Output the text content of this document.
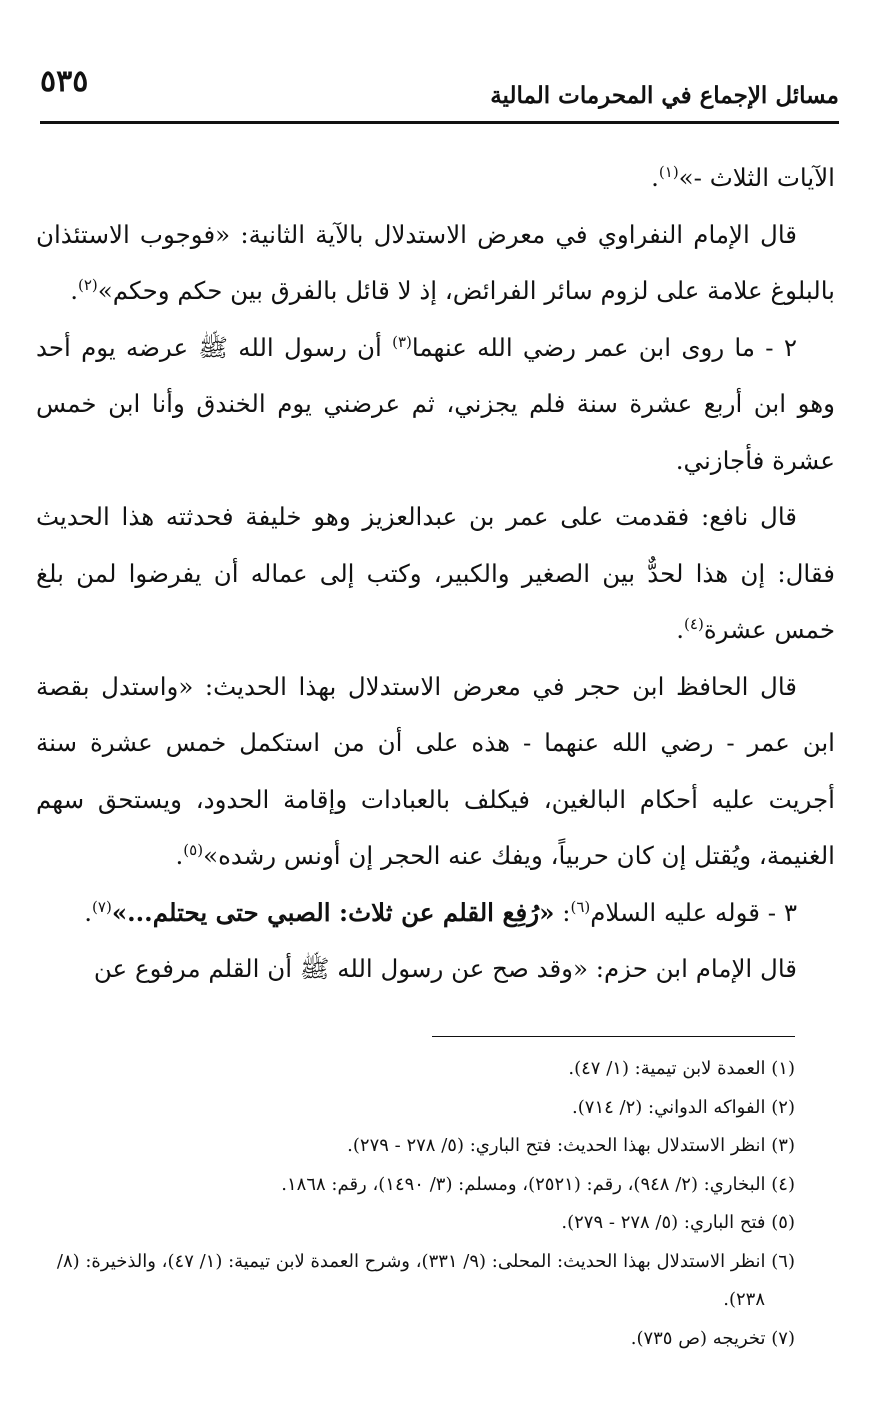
٥٣٥	مسائل الإجماع في المحرمات المالية

الآيات الثلاث -»$^{(١)}$.

قال الإمام النفراوي في معرض الاستدلال بالآية الثانية: «فوجوب الاستئذان بالبلوغ علامة على لزوم سائر الفرائض، إذ لا قائل بالفرق بين حكم وحكم»$^{(٢)}$.

٢ - ما روى ابن عمر رضي الله عنهما$^{(٣)}$ أن رسول الله ﷺ عرضه يوم أحد وهو ابن أربع عشرة سنة فلم يجزني، ثم عرضني يوم الخندق وأنا ابن خمس عشرة فأجازني.

قال نافع: فقدمت على عمر بن عبدالعزيز وهو خليفة فحدثته هذا الحديث فقال: إن هذا لحدٌّ بين الصغير والكبير، وكتب إلى عماله أن يفرضوا لمن بلغ خمس عشرة$^{(٤)}$.

قال الحافظ ابن حجر في معرض الاستدلال بهذا الحديث: «واستدل بقصة ابن عمر - رضي الله عنهما - هذه على أن من استكمل خمس عشرة سنة أجريت عليه أحكام البالغين، فيكلف بالعبادات وإقامة الحدود، ويستحق سهم الغنيمة، ويُقتل إن كان حربياً، ويفك عنه الحجر إن أونس رشده»$^{(٥)}$.

٣ - قوله عليه السلام$^{(٦)}$: «رُفِع القلم عن ثلاث: الصبي حتى يحتلم...»$^{(٧)}$.

قال الإمام ابن حزم: «وقد صح عن رسول الله ﷺ أن القلم مرفوع عن

(١) العمدة لابن تيمية: (١/ ٤٧).

(٢) الفواكه الدواني: (٢/ ٧١٤).

(٣) انظر الاستدلال بهذا الحديث: فتح الباري: (٥/ ٢٧٨ - ٢٧٩).

(٤) البخاري: (٢/ ٩٤٨)، رقم: (٢٥٢١)، ومسلم: (٣/ ١٤٩٠)، رقم: ١٨٦٨.

(٥) فتح الباري: (٥/ ٢٧٨ - ٢٧٩).

(٦) انظر الاستدلال بهذا الحديث: المحلى: (٩/ ٣٣١)، وشرح العمدة لابن تيمية: (١/ ٤٧)، والذخيرة: (٨/ ٢٣٨).

(٧) تخريجه (ص ٧٣٥).
